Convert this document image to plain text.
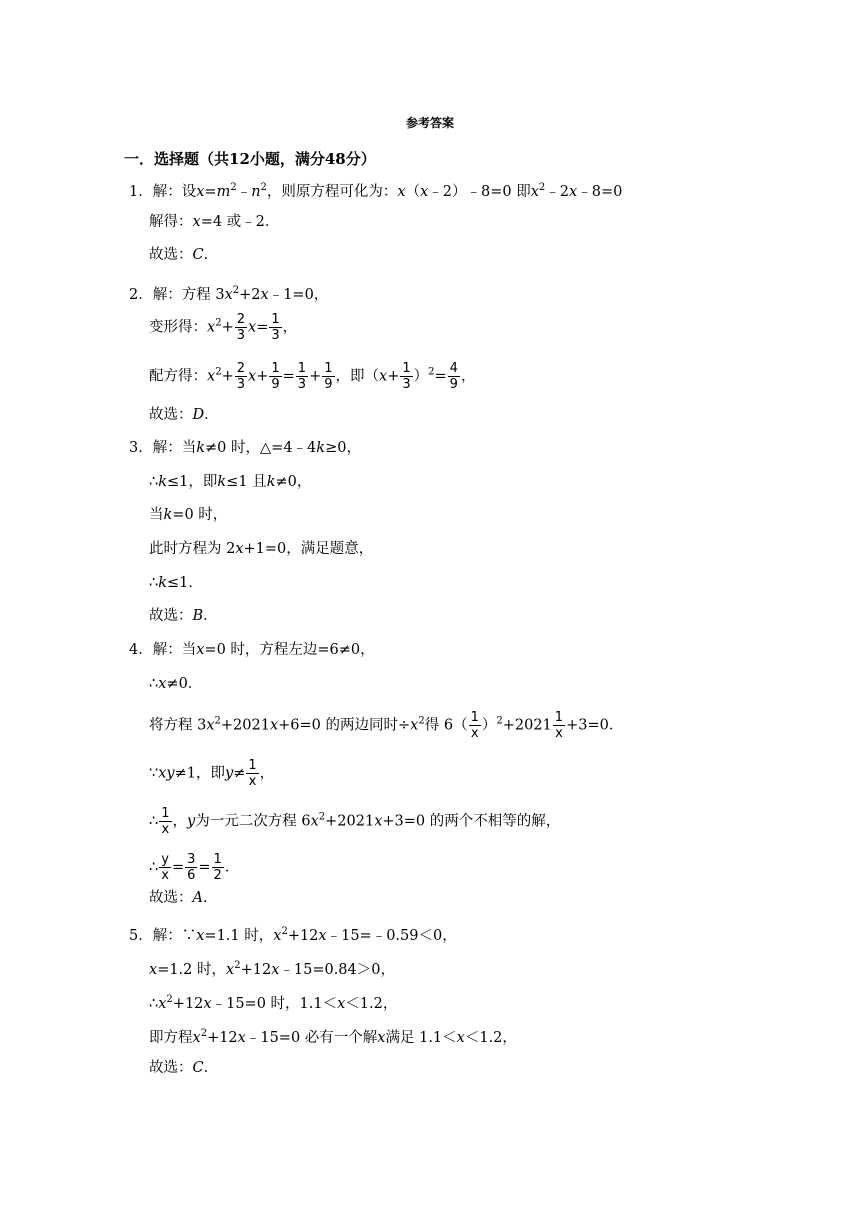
参考答案
一．选择题（共12小题，满分48分）
1．解：设$x=m^2﹣n^2$，则原方程可化为：x（x﹣2）﹣8=0 即$x^2﹣2x﹣8=0$
解得：x=4 或﹣2．
故选：C．
2．解：方程 $3x^2+2x﹣1=0$，
变形得：$x^2+ \frac{2}{3} x= \frac{1}{3}$ ，
配方得：$x^2+ \frac{2}{3} x+ \frac{1}{9} = \frac{1}{3} + \frac{1}{9}$ ，即$(x+ \frac{1}{3} )^2= \frac{4}{9}$ ，
故选：D．
3．解：当k≠0 时，△=4﹣4k≥0，
∴k≤1，即k≤1 且k≠0，
当k=0 时，
此时方程为 2x+1=0，满足题意，
∴k≤1．
故选：B．
4．解：当x=0 时，方程左边=6≠0，
∴x≠0．
将方程 $3x^2+2021x+6=0$ 的两边同时$\div x^2$得 $6( \frac{1}{x} )^2+2021 \frac{1}{x} +3=0$．
∵xy≠1，即$y\ne \frac{1}{x}$ ，
∴ $\frac{1}{x}$ ，y为一元二次方程 $6x^2+2021x+3=0$ 的两个不相等的解，
∴ $\frac{y}{x} = \frac{3}{6} = \frac{1}{2}$ ．
故选：A．
5．解：∵x=1.1 时，$x^2+12x﹣15=﹣0.59<0$，
x=1.2 时，$x^2+12x﹣15=0.84>0$，
$\therefore x^2+12x﹣15=0$ 时，1.1＜x＜1.2，
即方程$x^2+12x﹣15=0$ 必有一个解x满足 1.1＜x＜1.2，
故选：C．
